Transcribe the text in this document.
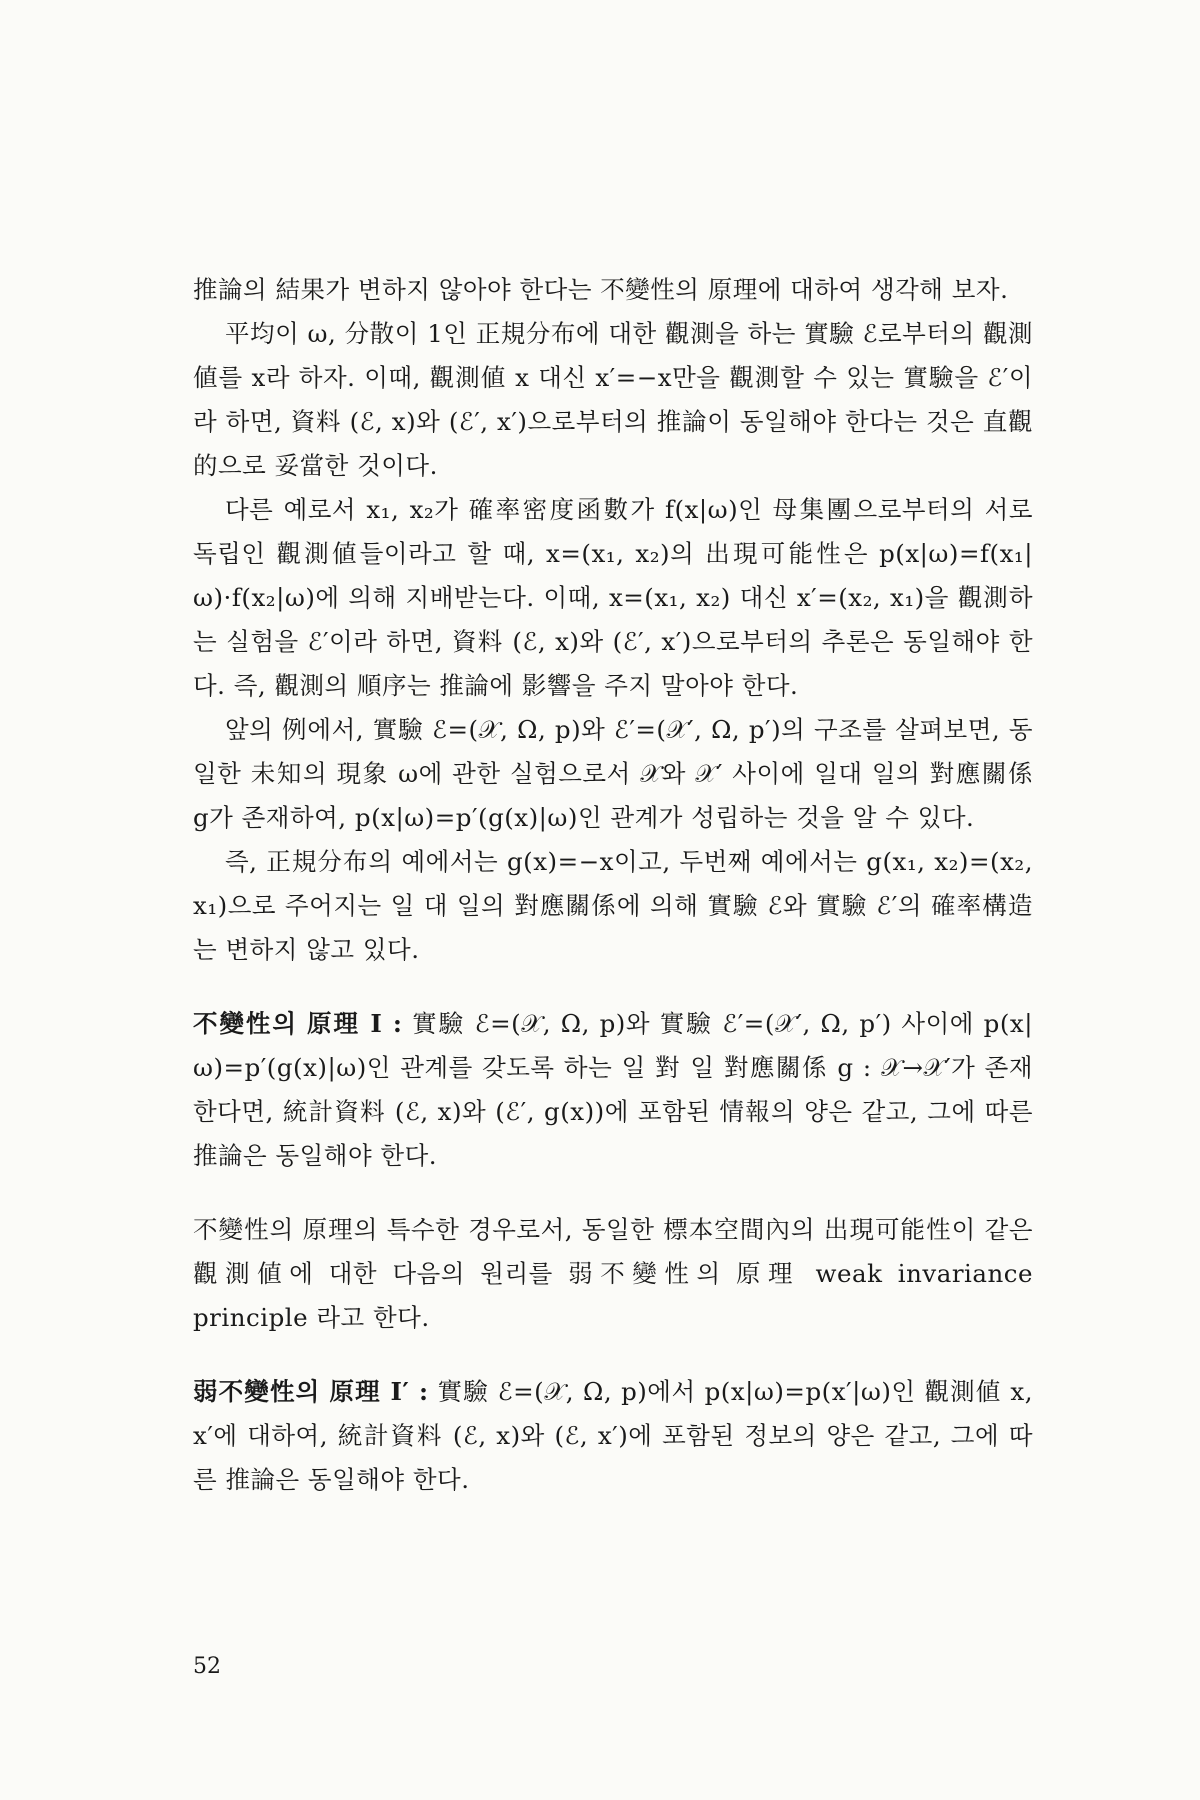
推論의 結果가 변하지 않아야 한다는 不變性의 原理에 대하여 생각해 보자.

平均이 ω, 分散이 1인 正規分布에 대한 觀測을 하는 實驗 ℰ로부터의 觀測値를 x라 하자. 이때, 觀測値 x 대신 x′=−x만을 觀測할 수 있는 實驗을 ℰ′이라 하면, 資料 (ℰ, x)와 (ℰ′, x′)으로부터의 推論이 동일해야 한다는 것은 直觀的으로 妥當한 것이다.

다른 예로서 x₁, x₂가 確率密度函數가 f(x|ω)인 母集團으로부터의 서로 독립인 觀測値들이라고 할 때, x=(x₁, x₂)의 出現可能性은 p(x|ω)=f(x₁|ω)·f(x₂|ω)에 의해 지배받는다. 이때, x=(x₁, x₂) 대신 x′=(x₂, x₁)을 觀測하는 실험을 ℰ′이라 하면, 資料 (ℰ, x)와 (ℰ′, x′)으로부터의 추론은 동일해야 한다. 즉, 觀測의 順序는 推論에 影響을 주지 말아야 한다.

앞의 例에서, 實驗 ℰ=(𝒳, Ω, p)와 ℰ′=(𝒳′, Ω, p′)의 구조를 살펴보면, 동일한 未知의 現象 ω에 관한 실험으로서 𝒳와 𝒳′ 사이에 일대 일의 對應關係 g가 존재하여, p(x|ω)=p′(g(x)|ω)인 관계가 성립하는 것을 알 수 있다.

즉, 正規分布의 예에서는 g(x)=−x이고, 두번째 예에서는 g(x₁, x₂)=(x₂, x₁)으로 주어지는 일 대 일의 對應關係에 의해 實驗 ℰ와 實驗 ℰ′의 確率構造는 변하지 않고 있다.

不變性의 原理 I : 實驗 ℰ=(𝒳, Ω, p)와 實驗 ℰ′=(𝒳′, Ω, p′) 사이에 p(x|ω)=p′(g(x)|ω)인 관계를 갖도록 하는 일 對 일 對應關係 g : 𝒳→𝒳′가 존재한다면, 統計資料 (ℰ, x)와 (ℰ′, g(x))에 포함된 情報의 양은 같고, 그에 따른 推論은 동일해야 한다.

不變性의 原理의 특수한 경우로서, 동일한 標本空間內의 出現可能性이 같은 觀測値에 대한 다음의 원리를 弱不變性의 原理 weak invariance principle 라고 한다.

弱不變性의 原理 I′ : 實驗 ℰ=(𝒳, Ω, p)에서 p(x|ω)=p(x′|ω)인 觀測値 x, x′에 대하여, 統計資料 (ℰ, x)와 (ℰ, x′)에 포함된 정보의 양은 같고, 그에 따른 推論은 동일해야 한다.

52
